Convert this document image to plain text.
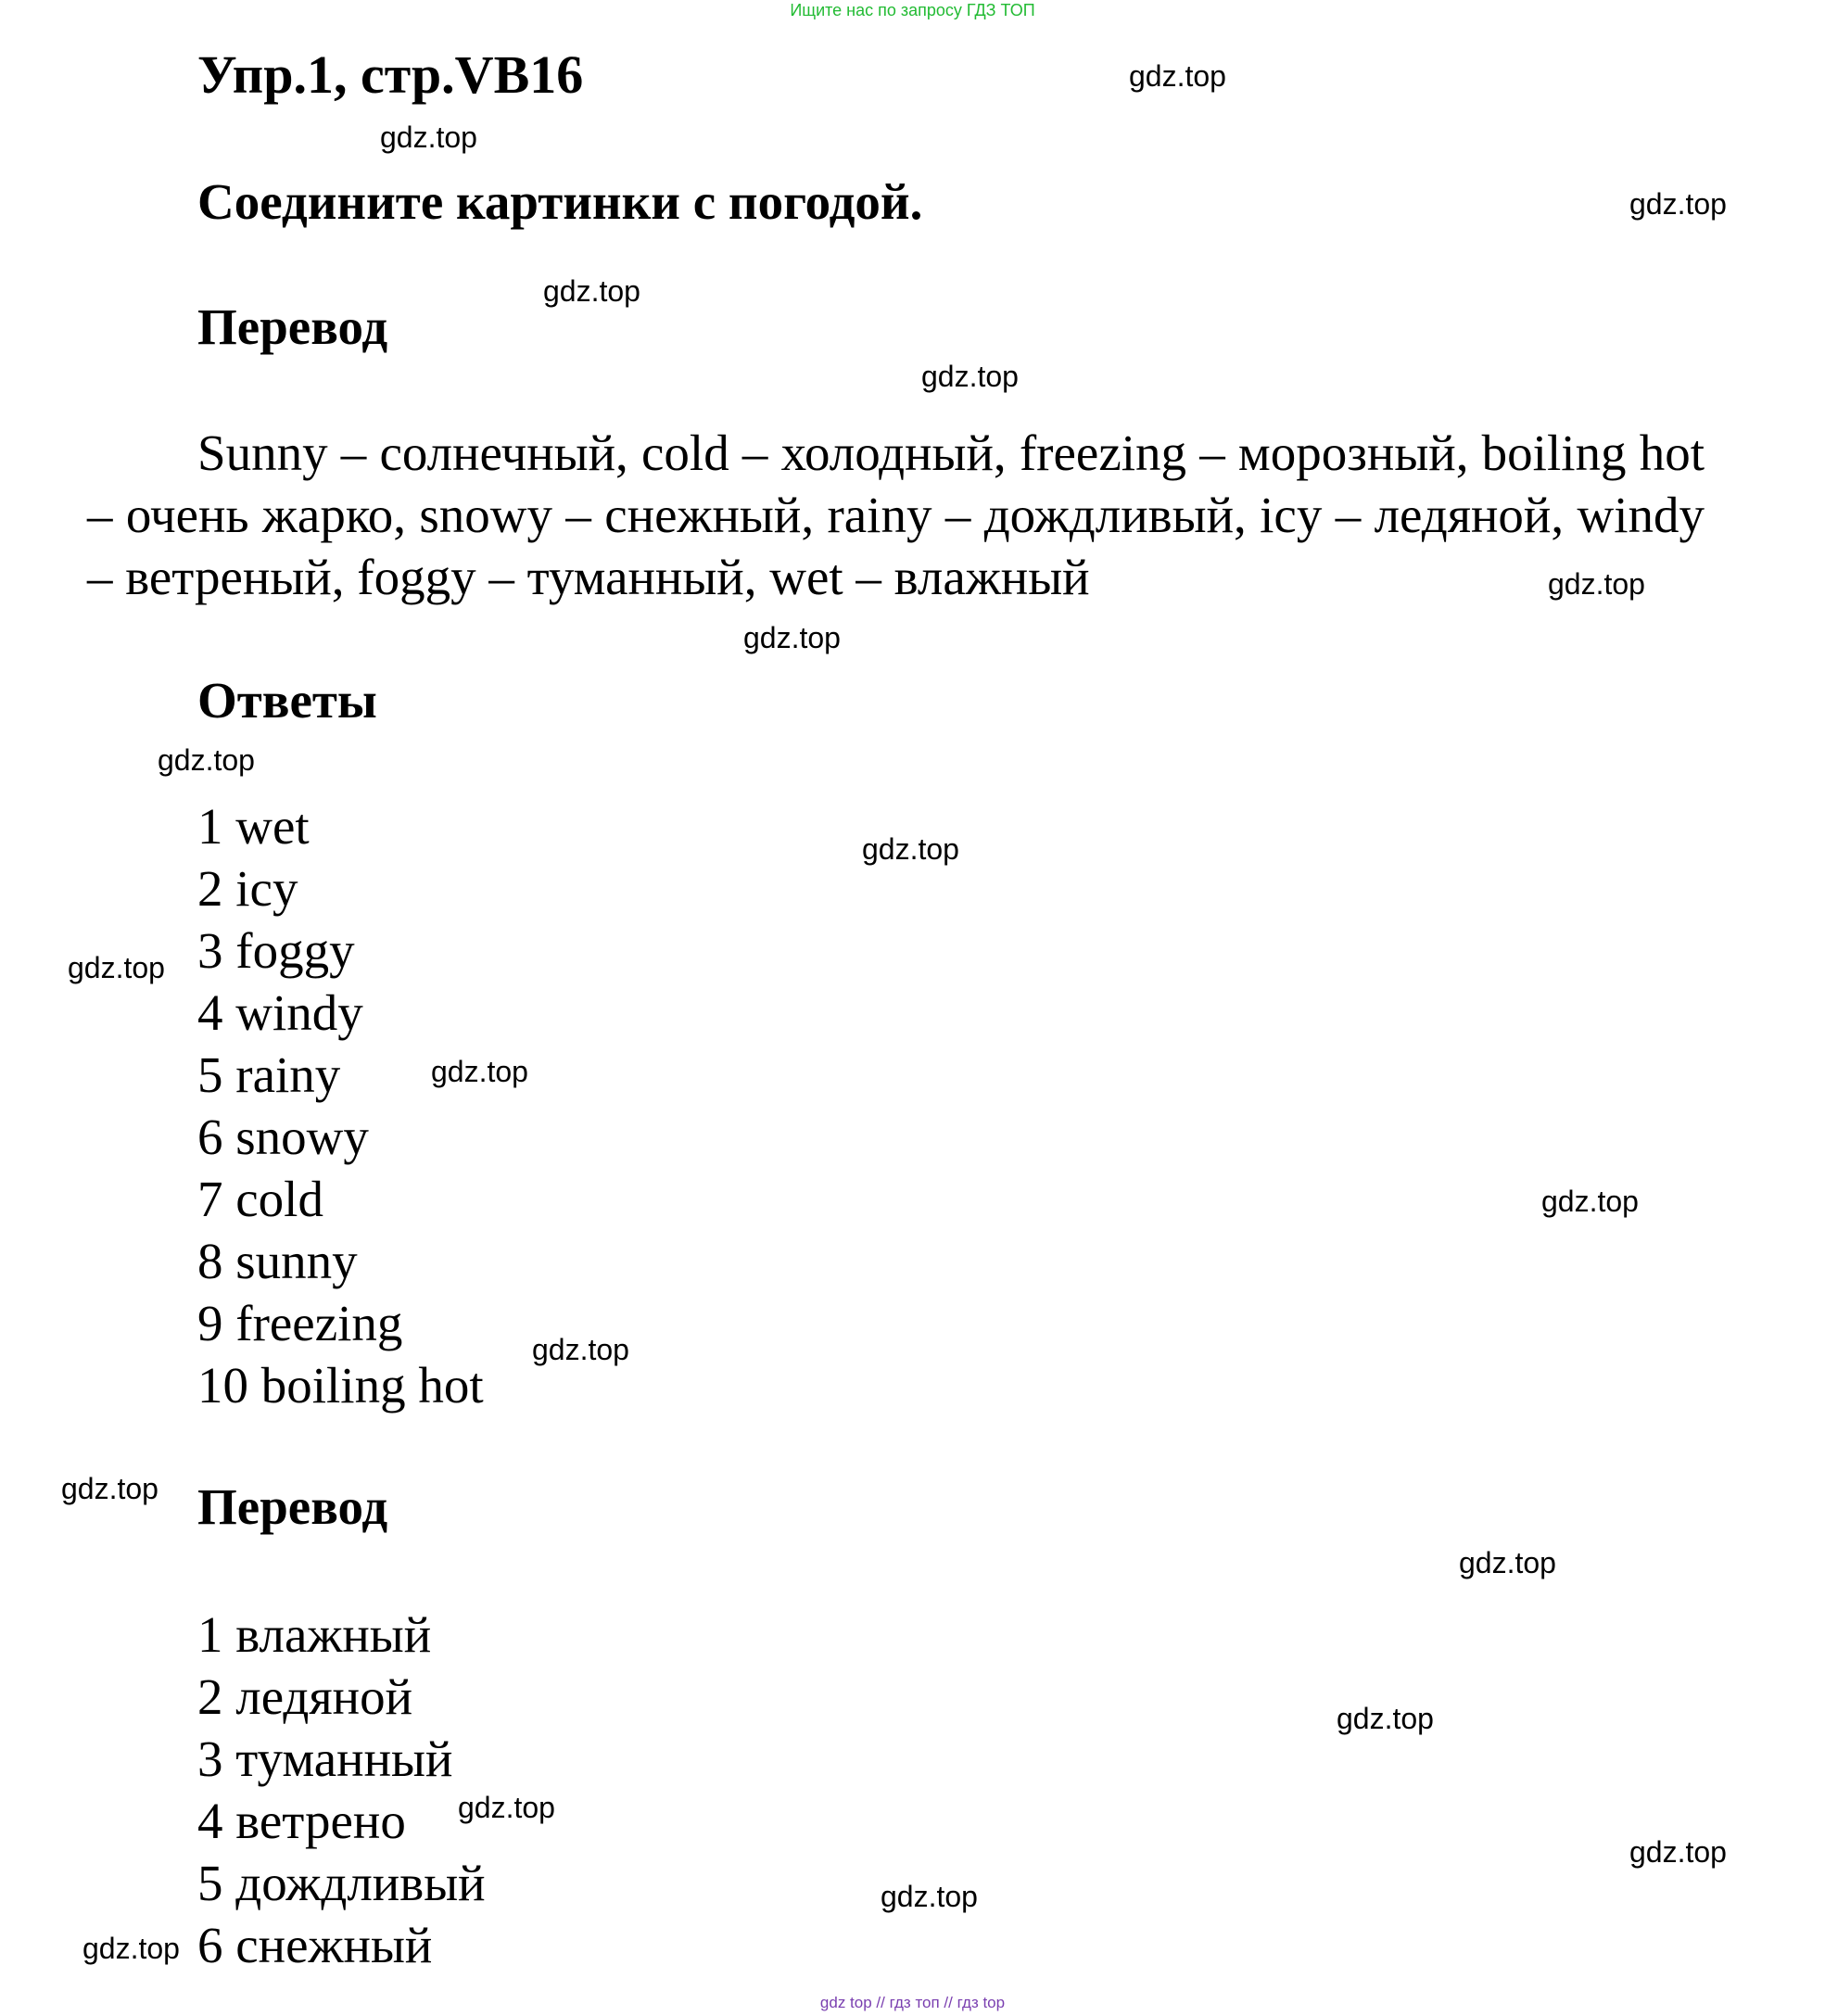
Ищите нас по запросу ГДЗ ТОП
Упр.1, стр.VB16
Соедините картинки с погодой.
Перевод
Sunny – солнечный, cold – холодный, freezing – морозный, boiling hot – очень жарко, snowy – снежный, rainy – дождливый, icy – ледяной, windy – ветреный, foggy – туманный, wet – влажный
Ответы
1 wet
2 icy
3 foggy
4 windy
5 rainy
6 snowy
7 cold
8 sunny
9 freezing
10 boiling hot
Перевод
1 влажный
2 ледяной
3 туманный
4 ветрено
5 дождливый
6 снежный
gdz.top
gdz.top
gdz.top
gdz.top
gdz.top
gdz.top
gdz.top
gdz.top
gdz.top
gdz.top
gdz.top
gdz.top
gdz.top
gdz.top
gdz.top
gdz.top
gdz.top
gdz.top
gdz.top
gdz.top
gdz top // гдз топ // гдз top
